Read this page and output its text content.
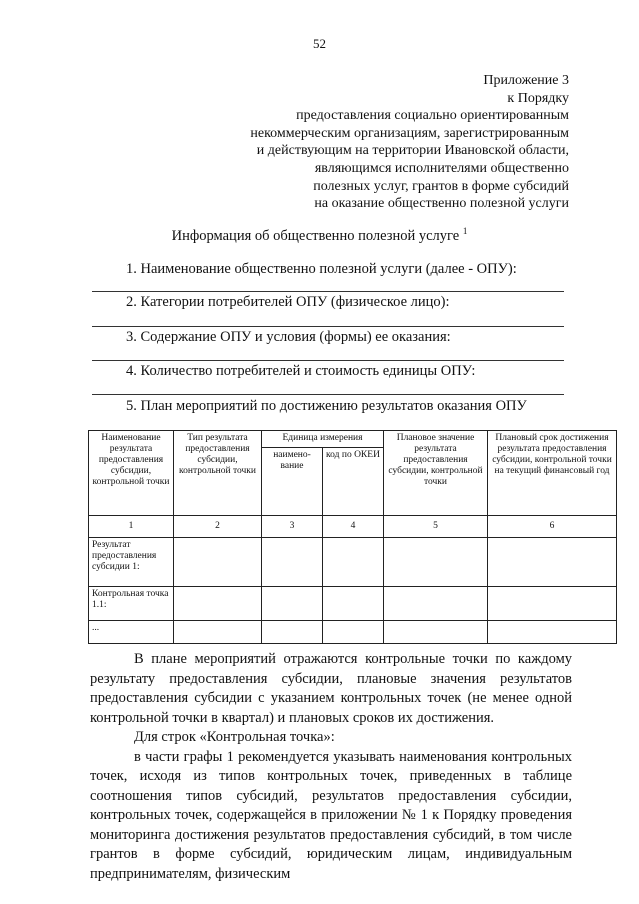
52
Приложение 3
к Порядку
предоставления социально ориентированным
некоммерческим организациям, зарегистрированным
и действующим на территории Ивановской области,
являющимся исполнителями общественно
полезных услуг, грантов в форме субсидий
на оказание общественно полезной услуги
Информация об общественно полезной услуге $^1$
1. Наименование общественно полезной услуги (далее - ОПУ):
2. Категории потребителей ОПУ (физическое лицо):
3. Содержание ОПУ и условия (формы) ее оказания:
4. Количество потребителей и стоимость единицы ОПУ:
5. План мероприятий по достижению результатов оказания ОПУ
Наименование результата предоставления субсидии, контрольной точки	Тип результата предоставления субсидии, контрольной точки	Единица измерения		Плановое значение результата предоставления субсидии, контрольной точки	Плановый срок достижения результата предоставления субсидии, контрольной точки на текущий финансовый год
		наимено-вание	код по ОКЕИ		
1	2	3	4	5	6
Результат предоставления субсидии 1:					
Контрольная точка 1.1:					
...					

В плане мероприятий отражаются контрольные точки по каждому результату предоставления субсидии, плановые значения результатов предоставления субсидии с указанием контрольных точек (не менее одной контрольной точки в квартал) и плановых сроков их достижения.

Для строк «Контрольная точка»:

в части графы 1 рекомендуется указывать наименования контрольных точек, исходя из типов контрольных точек, приведенных в таблице соотношения типов субсидий, результатов предоставления субсидии, контрольных точек, содержащейся в приложении № 1 к Порядку проведения мониторинга достижения результатов предоставления субсидий, в том числе грантов в форме субсидий, юридическим лицам, индивидуальным предпринимателям, физическим
